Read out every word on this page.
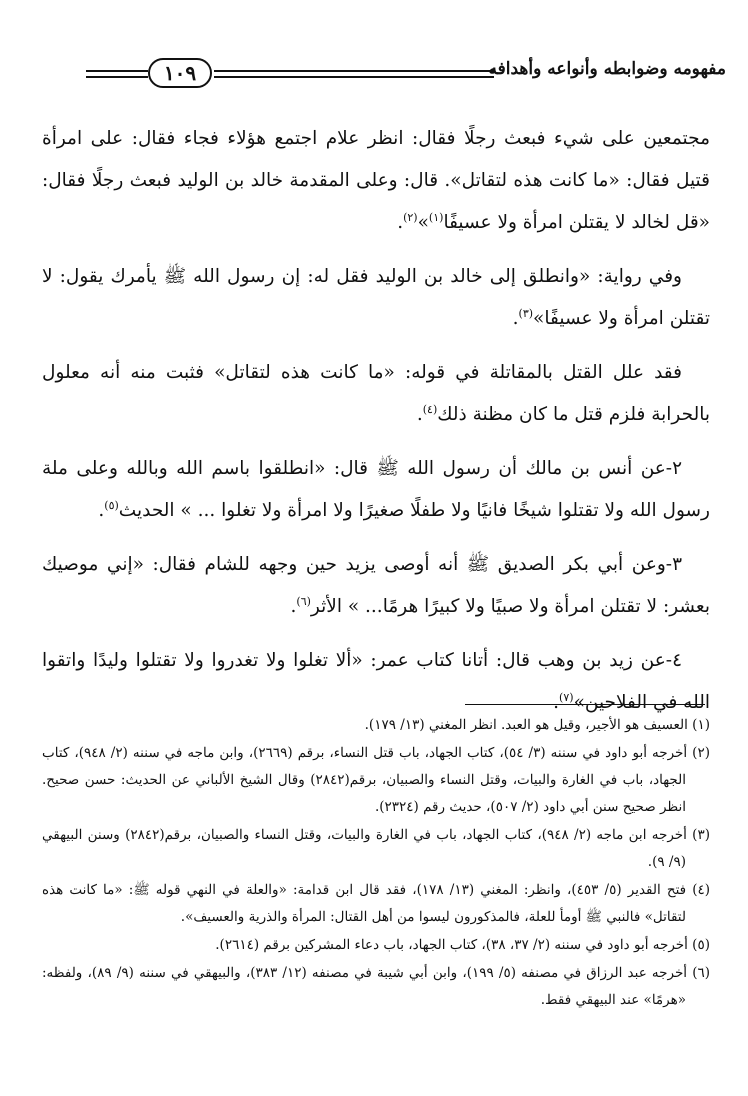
١٠٩	مفهومه وضوابطه وأنواعه وأهدافه

مجتمعين على شيء فبعث رجلًا فقال: انظر علام اجتمع هؤلاء فجاء فقال: على امرأة قتيل فقال: «ما كانت هذه لتقاتل». قال: وعلى المقدمة خالد بن الوليد فبعث رجلًا فقال: «قل لخالد لا يقتلن امرأة ولا عسيفًا$^{(١)}$»$^{(٢)}$.

وفي رواية: «وانطلق إلى خالد بن الوليد فقل له: إن رسول الله ﷺ يأمرك يقول: لا تقتلن امرأة ولا عسيفًا»$^{(٣)}$.

فقد علل القتل بالمقاتلة في قوله: «ما كانت هذه لتقاتل» فثبت منه أنه معلول بالحرابة فلزم قتل ما كان مظنة ذلك$^{(٤)}$.

٢-عن أنس بن مالك أن رسول الله ﷺ قال: «انطلقوا باسم الله وبالله وعلى ملة رسول الله ولا تقتلوا شيخًا فانيًا ولا طفلًا صغيرًا ولا امرأة ولا تغلوا ... » الحديث$^{(٥)}$.

٣-وعن أبي بكر الصديق ﷺ أنه أوصى يزيد حين وجهه للشام فقال: «إني موصيك بعشر: لا تقتلن امرأة ولا صبيًا ولا كبيرًا هرمًا... » الأثر$^{(٦)}$.

٤-عن زيد بن وهب قال: أتانا كتاب عمر: «ألا تغلوا ولا تغدروا ولا تقتلوا وليدًا واتقوا الله في الفلاحين»$^{(٧)}$.

(١) العسيف هو الأجير، وقيل هو العبد. انظر المغني (١٣/ ١٧٩).

(٢) أخرجه أبو داود في سننه (٣/ ٥٤)، كتاب الجهاد، باب قتل النساء، برقم (٢٦٦٩)، وابن ماجه في سننه (٢/ ٩٤٨)، كتاب الجهاد، باب في الغارة والبيات، وقتل النساء والصبيان، برقم(٢٨٤٢) وقال الشيخ الألباني عن الحديث: حسن صحيح. انظر صحيح سنن أبي داود (٢/ ٥٠٧)، حديث رقم (٢٣٢٤).

(٣) أخرجه ابن ماجه (٢/ ٩٤٨)، كتاب الجهاد، باب في الغارة والبيات، وقتل النساء والصبيان، برقم(٢٨٤٢) وسنن البيهقي (٩/ ٩).

(٤) فتح القدير (٥/ ٤٥٣)، وانظر: المغني (١٣/ ١٧٨)، فقد قال ابن قدامة: «والعلة في النهي قوله ﷺ: «ما كانت هذه لتقاتل» فالنبي ﷺ أومأ للعلة، فالمذكورون ليسوا من أهل القتال: المرأة والذرية والعسيف».

(٥) أخرجه أبو داود في سننه (٢/ ٣٧، ٣٨)، كتاب الجهاد، باب دعاء المشركين برقم (٢٦١٤).

(٦) أخرجه عبد الرزاق في مصنفه (٥/ ١٩٩)، وابن أبي شيبة في مصنفه (١٢/ ٣٨٣)، والبيهقي في سننه (٩/ ٨٩)، ولفظه: «هرمًا» عند البيهقي فقط.
